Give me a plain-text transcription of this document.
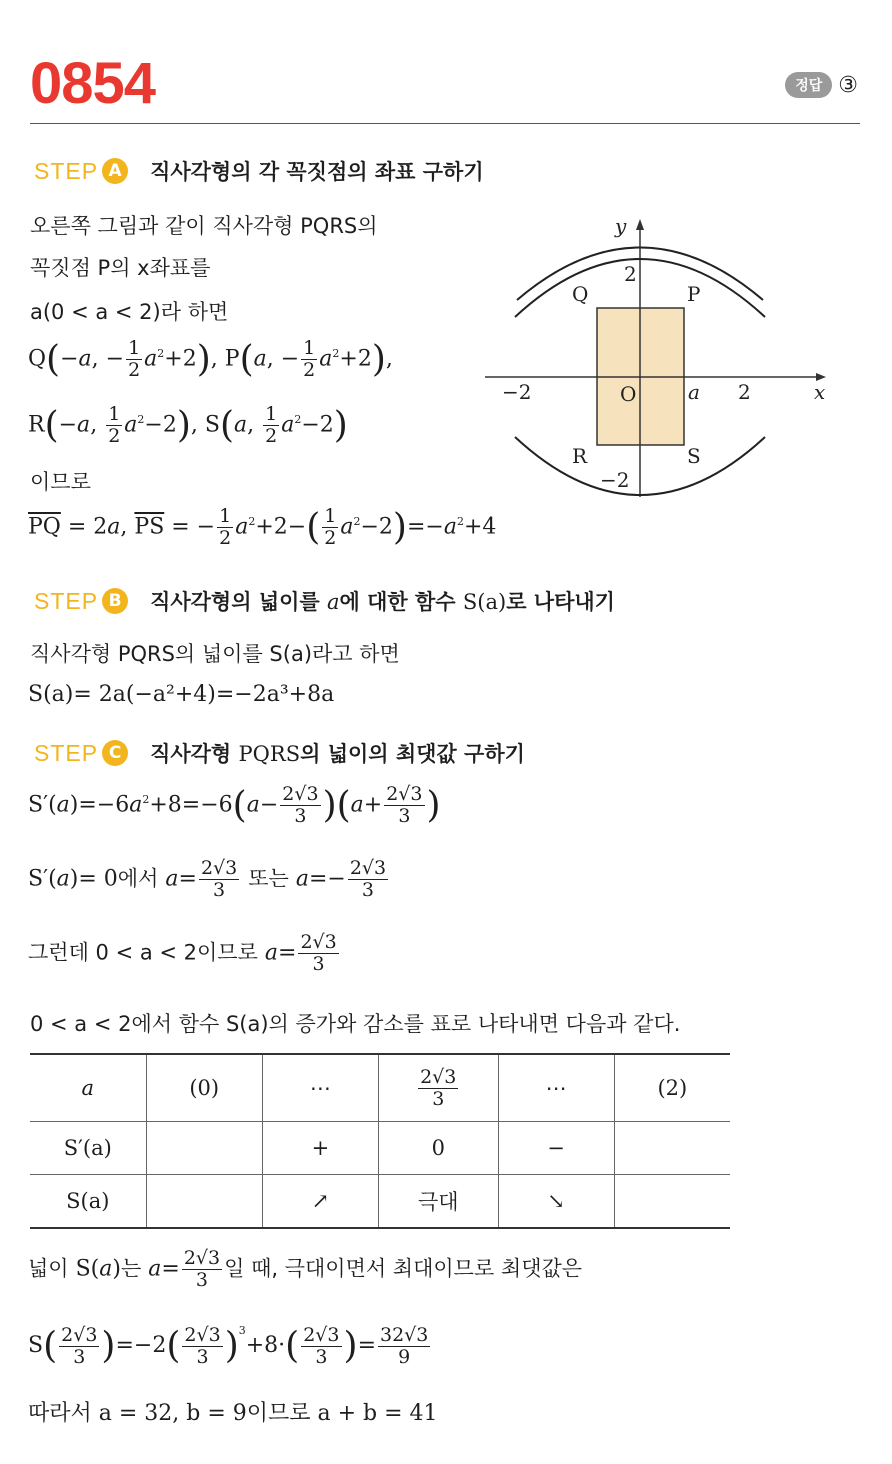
0854	정답 ③
STEP A	직사각형의 각 꼭짓점의 좌표 구하기
오른쪽 그림과 같이 직사각형 PQRS의
꼭짓점 P의 x좌표를
a(0 < a < 2)라 하면
Q(−a, − $\frac{1}{2} a^2+2$), P(a, − $\frac{1}{2} a^2+2$),
R(−a, $\frac{1}{2} a^2-2$), S(a, $\frac{1}{2} a^2-2$)
이므로
$\overline{PQ} = 2a$, $\overline{PS}$ = − $\frac{1}{2} a^2+2-( \frac{1}{2} a^2-2)=-a^2+4$
y
x
O
P
Q
R	S
a 2
−2
2
−2
STEP B	직사각형의 넓이를 a에 대한 함수 S(a)로 나타내기
직사각형 PQRS의 넓이를 S(a)라고 하면
S(a)= 2a(−a²+4)=−2a³+8a
STEP C	직사각형 PQRS의 넓이의 최댓값 구하기
$S'(a)=-6a^2+8=-6(a- \frac{2√3}{3} )(a+ \frac{2√3}{3}$ )
S′(a)= 0에서 $a= \frac{2√3}{3}$ 또는 $a=- \frac{2√3}{3}$
그런데 0 < a < 2이므로 $a= \frac{2√3}{3}$
0 < a < 2에서 함수 S(a)의 증가와 감소를 표로 나타내면 다음과 같다.
a	(0)	⋯	$\frac{2√3}{3}$	⋯	(2)
S′(a)		+	0	−	
S(a)		↗	극대	↘	
넓이 S(a)는 $a= \frac{2√3}{3}$ 일 때, 극대이면서 최대이므로 최댓값은
$S( \frac{2√3}{3} )=-2( \frac{2√3}{3} )^3+8\cdot( \frac{2√3}{3}$ )= $\frac{32√3}{9}$
따라서 a = 32, b = 9이므로 a + b = 41
